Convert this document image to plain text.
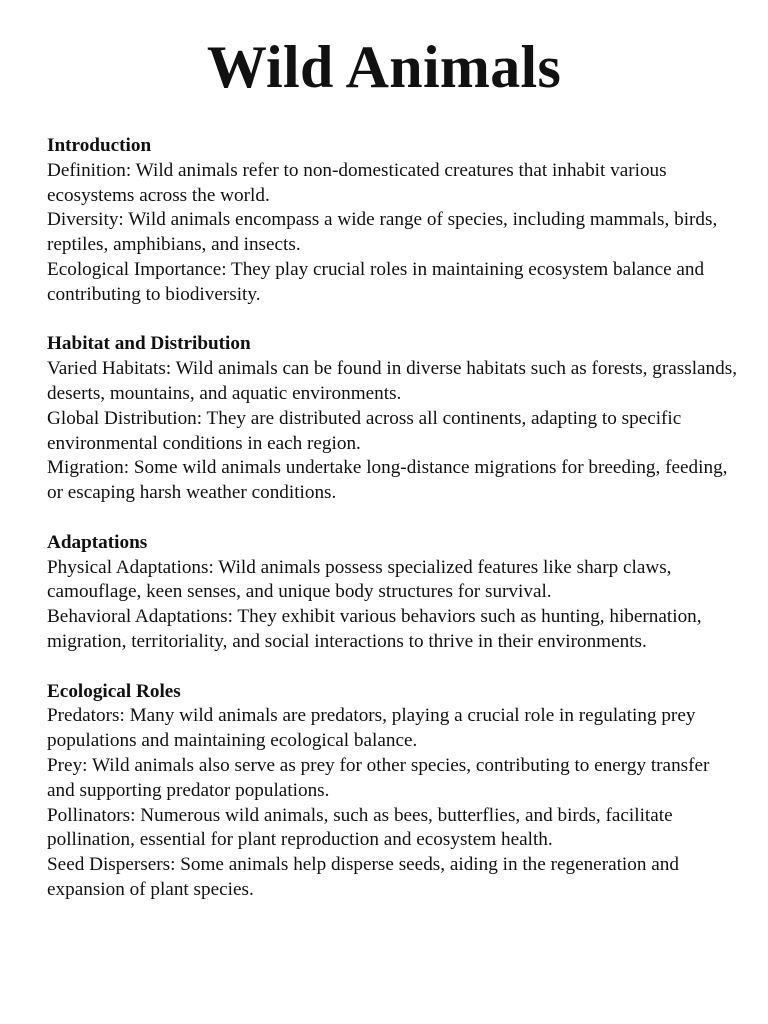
Wild Animals

Introduction

Definition: Wild animals refer to non-domesticated creatures that inhabit various ecosystems across the world.

Diversity: Wild animals encompass a wide range of species, including mammals, birds, reptiles, amphibians, and insects.

Ecological Importance: They play crucial roles in maintaining ecosystem balance and contributing to biodiversity.

Habitat and Distribution

Varied Habitats: Wild animals can be found in diverse habitats such as forests, grasslands, deserts, mountains, and aquatic environments.

Global Distribution: They are distributed across all continents, adapting to specific environmental conditions in each region.

Migration: Some wild animals undertake long-distance migrations for breeding, feeding, or escaping harsh weather conditions.

Adaptations

Physical Adaptations: Wild animals possess specialized features like sharp claws, camouflage, keen senses, and unique body structures for survival.

Behavioral Adaptations: They exhibit various behaviors such as hunting, hibernation, migration, territoriality, and social interactions to thrive in their environments.

Ecological Roles

Predators: Many wild animals are predators, playing a crucial role in regulating prey populations and maintaining ecological balance.

Prey: Wild animals also serve as prey for other species, contributing to energy transfer and supporting predator populations.

Pollinators: Numerous wild animals, such as bees, butterflies, and birds, facilitate pollination, essential for plant reproduction and ecosystem health.

Seed Dispersers: Some animals help disperse seeds, aiding in the regeneration and expansion of plant species.
